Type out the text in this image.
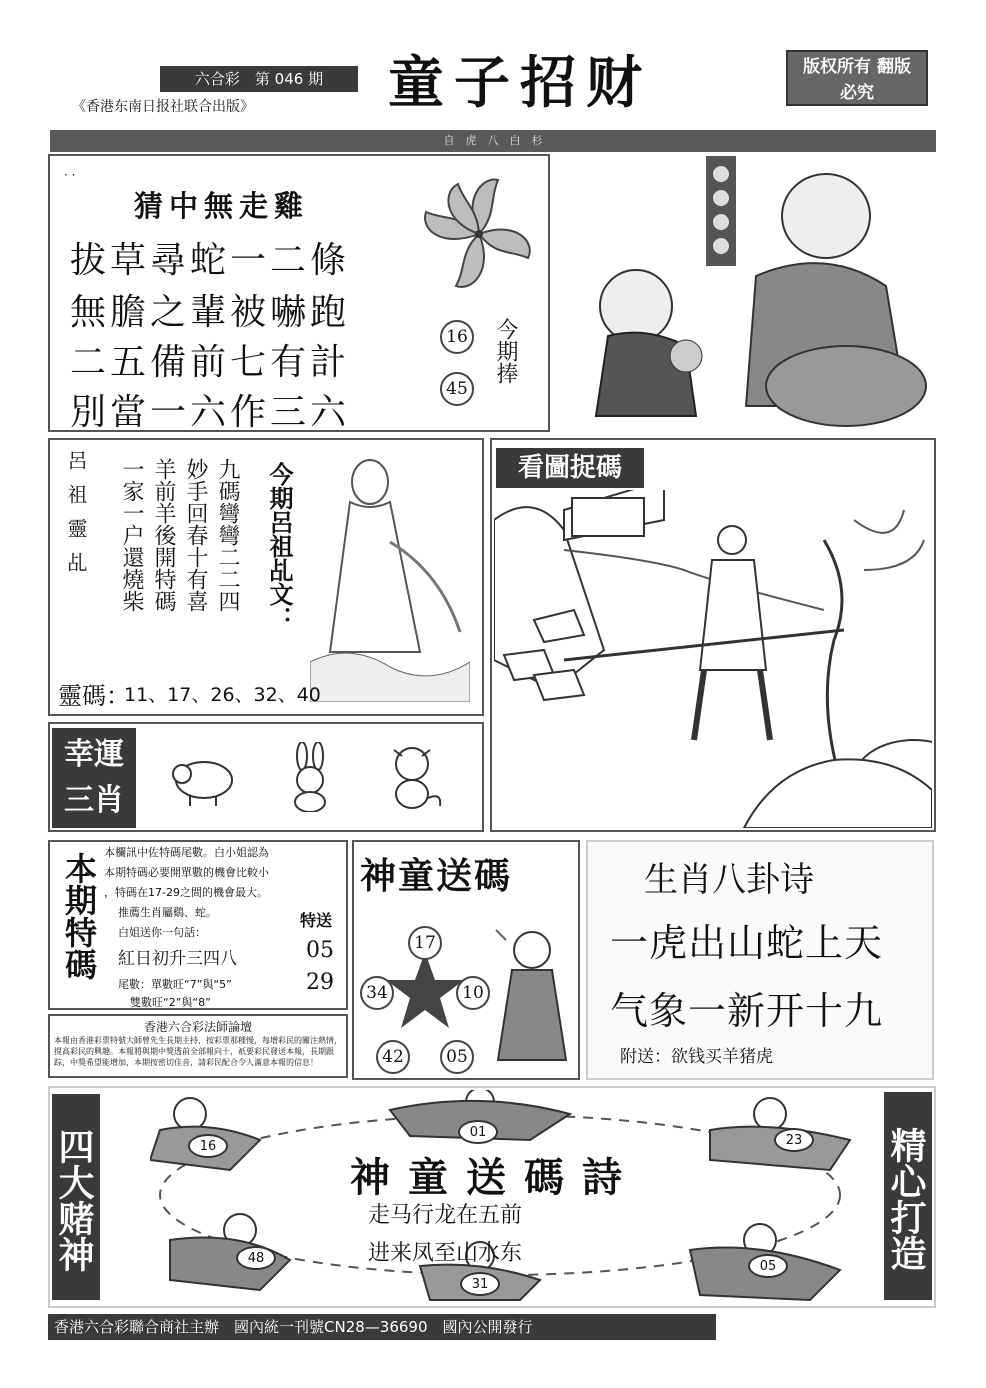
六合彩　第 046 期
《香港东南日报社联合出版》	童子招财	版权所有 翻版必究
自　虎　八　白　杉
· ·
猜中無走雞
拔草尋蛇一二條
無膽之輩被嚇跑
二五備前七有計
別當一六作三六
16
45
今期捧
呂祖靈乩 一家一户還燒柴 羊前羊後開特碼 妙手回春十有喜 九碼彎彎二二四 今期呂祖乩文：
靈碼：
11、17、26、32、40
幸運
三肖
看圖捉碼
本期特碼 本欄訊中佐特碼尾數。白小姐認為
本期特碼必要開單數的機會比較小
，特碼在17-29之間的機會最大。
推薦生肖屬鷄、蛇。
白姐送你一句話：
特送
紅日初升三四八	05
29
尾數：單數旺“7”與“5”
雙數旺“2”與“8”
香港六合彩法師論壇
本報由香港彩票特號大師曾先生長期主持，按彩票那種慢，每增彩民的關注熱情，提高彩民的興趣。本報將與期中獎透前全部報向十，祇要彩民發送本報，長期跟踪，中獎希望能增加，本期按密切佳音，請彩民配合令人滿意本報的信息！
神童送碼
17
34	10
42	05
生肖八卦诗
一虎出山蛇上天
气象一新开十九
附送：欲钱买羊猪虎
四大赌神	精心打造
16
01
23
48
31
05
神童送碼詩
走马行龙在五前
进来凤至山水东
香港六合彩聯合商社主辦　國內統一刊號CN28—36690　國內公開發行
